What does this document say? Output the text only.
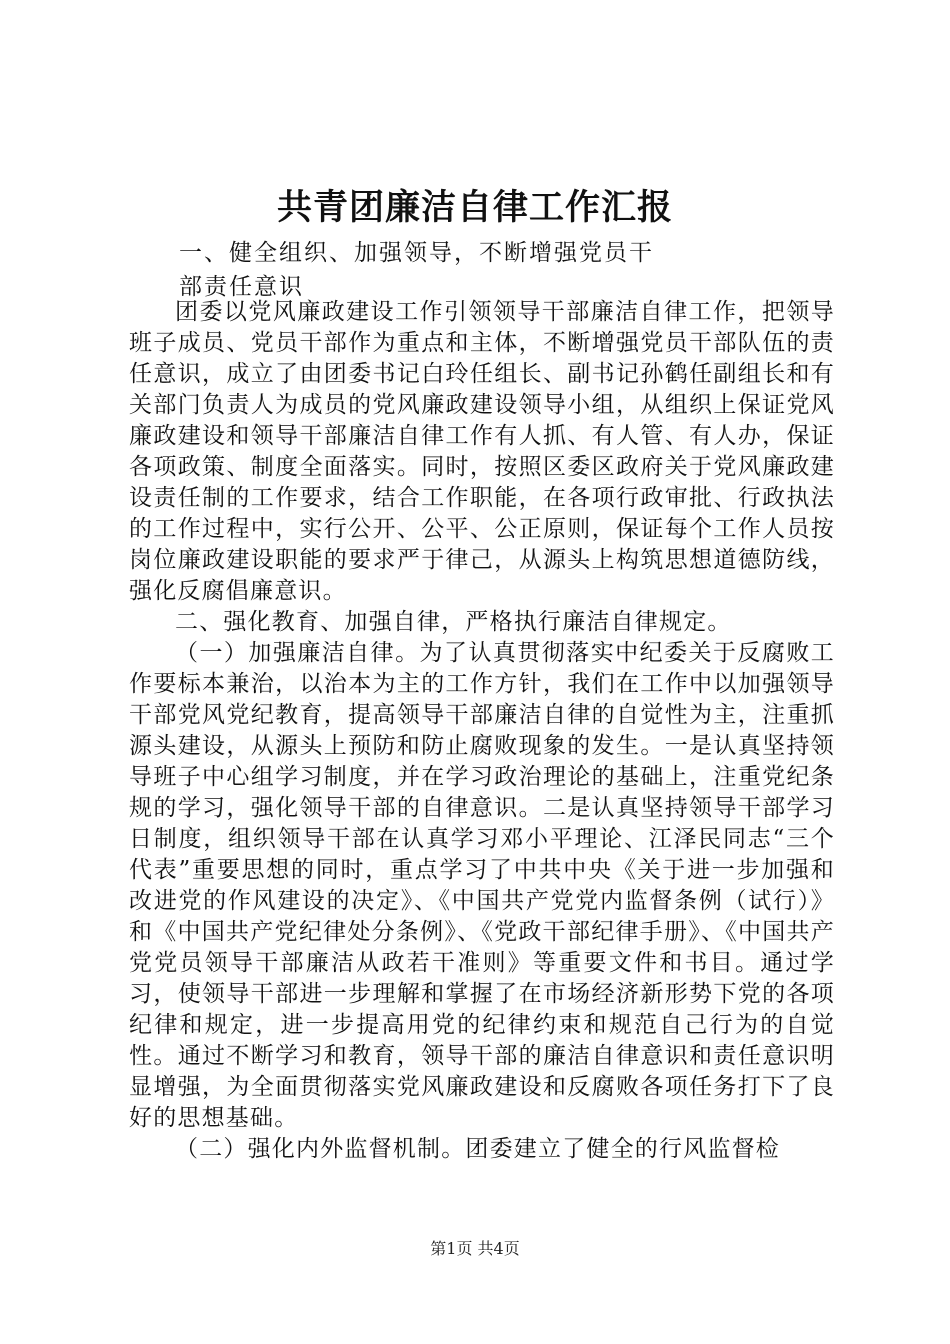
共青团廉洁自律工作汇报

一、健全组织、加强领导，不断增强党员干

部责任意识

团委以党风廉政建设工作引领领导干部廉洁自律工作，把领导班子成员、党员干部作为重点和主体，不断增强党员干部队伍的责任意识，成立了由团委书记白玲任组长、副书记孙鹤任副组长和有关部门负责人为成员的党风廉政建设领导小组，从组织上保证党风廉政建设和领导干部廉洁自律工作有人抓、有人管、有人办，保证各项政策、制度全面落实。同时，按照区委区政府关于党风廉政建设责任制的工作要求，结合工作职能，在各项行政审批、行政执法的工作过程中，实行公开、公平、公正原则，保证每个工作人员按岗位廉政建设职能的要求严于律己，从源头上构筑思想道德防线，强化反腐倡廉意识。

二、强化教育、加强自律，严格执行廉洁自律规定。

（一）加强廉洁自律。为了认真贯彻落实中纪委关于反腐败工作要标本兼治，以治本为主的工作方针，我们在工作中以加强领导干部党风党纪教育，提高领导干部廉洁自律的自觉性为主，注重抓源头建设，从源头上预防和防止腐败现象的发生。一是认真坚持领导班子中心组学习制度，并在学习政治理论的基础上，注重党纪条规的学习，强化领导干部的自律意识。二是认真坚持领导干部学习日制度，组织领导干部在认真学习邓小平理论、江泽民同志“三个代表”重要思想的同时，重点学习了中共中央《关于进一步加强和改进党的作风建设的决定》、《中国共产党党内监督条例（试行）》和《中国共产党纪律处分条例》、《党政干部纪律手册》、《中国共产党党员领导干部廉洁从政若干准则》等重要文件和书目。通过学习，使领导干部进一步理解和掌握了在市场经济新形势下党的各项纪律和规定，进一步提高用党的纪律约束和规范自己行为的自觉性。通过不断学习和教育，领导干部的廉洁自律意识和责任意识明显增强，为全面贯彻落实党风廉政建设和反腐败各项任务打下了良好的思想基础。

（二）强化内外监督机制。团委建立了健全的行风监督检

第1页 共4页
